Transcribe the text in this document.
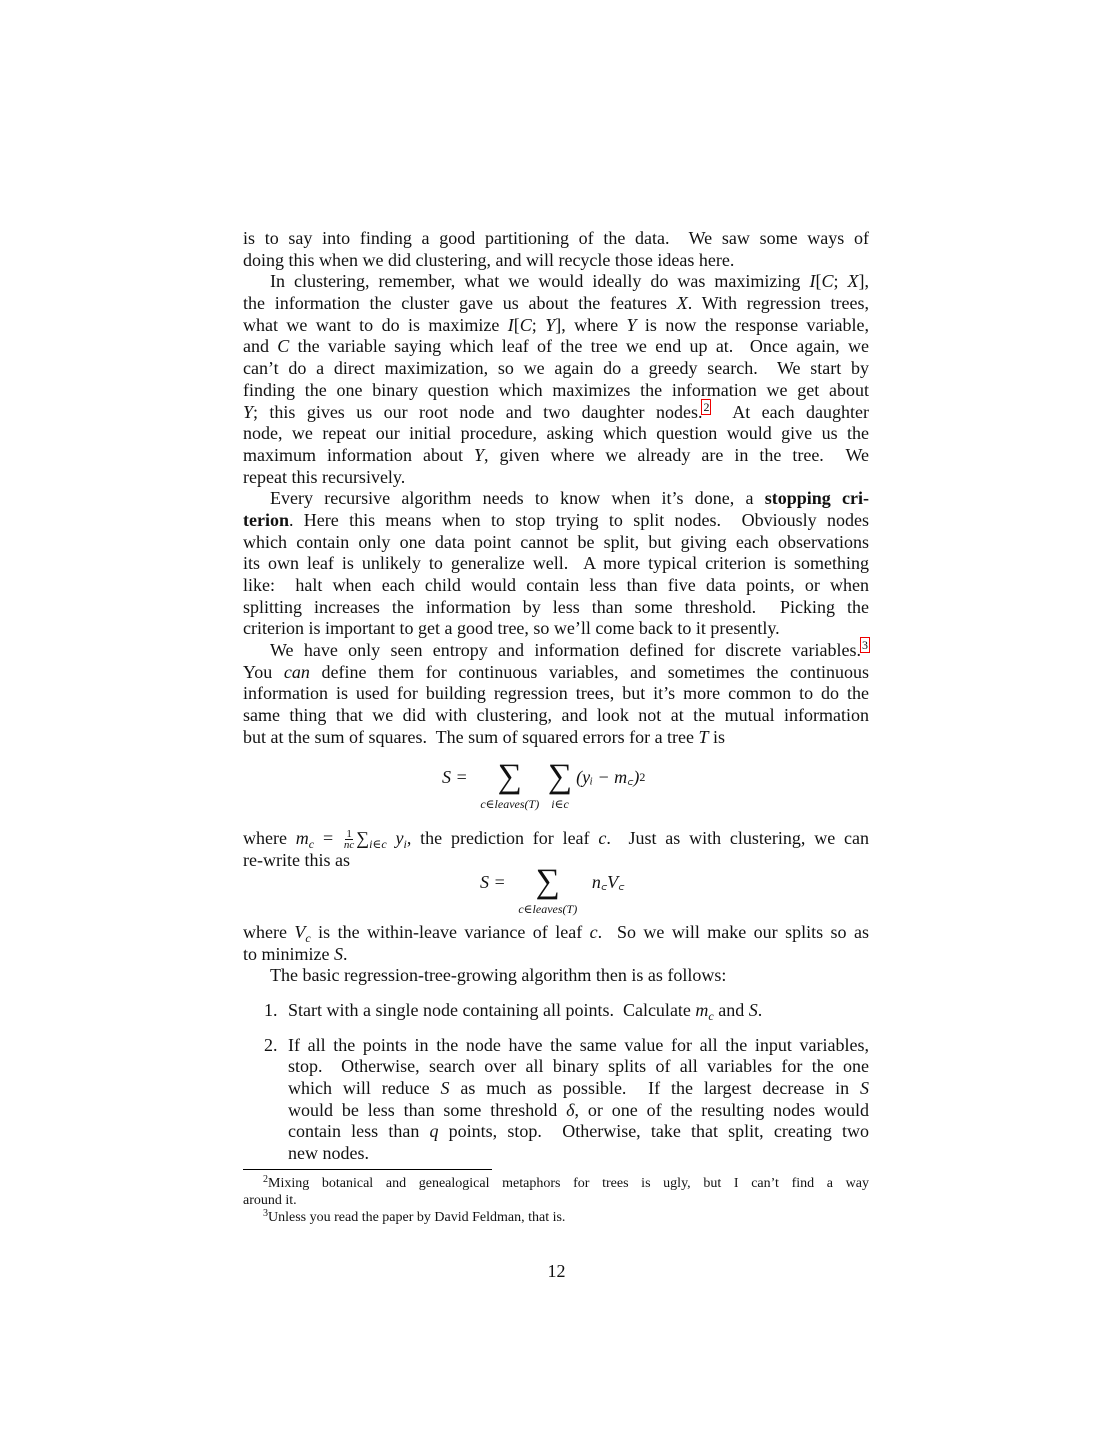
is to say into finding a good partitioning of the data.  We saw some ways of
doing this when we did clustering, and will recycle those ideas here.
In clustering, remember, what we would ideally do was maximizing I[C; X],
the information the cluster gave us about the features X. With regression trees,
what we want to do is maximize I[C; Y], where Y is now the response variable,
and C the variable saying which leaf of the tree we end up at.  Once again, we
can’t do a direct maximization, so we again do a greedy search.  We start by
finding the one binary question which maximizes the information we get about
Y; this gives us our root node and two daughter nodes.$^2$  At each daughter
node, we repeat our initial procedure, asking which question would give us the
maximum information about Y, given where we already are in the tree.  We
repeat this recursively.
Every recursive algorithm needs to know when it’s done, a stopping cri-
terion. Here this means when to stop trying to split nodes.  Obviously nodes
which contain only one data point cannot be split, but giving each observations
its own leaf is unlikely to generalize well.  A more typical criterion is something
like:  halt when each child would contain less than five data points, or when
splitting increases the information by less than some threshold.  Picking the
criterion is important to get a good tree, so we’ll come back to it presently.
We have only seen entropy and information defined for discrete variables.$^3$
You can define them for continuous variables, and sometimes the continuous
information is used for building regression trees, but it’s more common to do the
same thing that we did with clustering, and look not at the mutual information
but at the sum of squares.  The sum of squared errors for a tree T is
S = ∑
c∈leaves(T)
∑
i∈c
(yᵢ − m꜀) 2
where $m_c = \frac{1}{nc} \sum_{i\in c}$ $y_i$, the prediction for leaf c.  Just as with clustering, we can
re-write this as
S = ∑
c∈leaves(T)
n꜀V꜀
where $V_c$ is the within-leave variance of leaf c.  So we will make our splits so as
to minimize S.
The basic regression-tree-growing algorithm then is as follows:
1. Start with a single node containing all points.  Calculate $m_c$ and S.
2. If all the points in the node have the same value for all the input variables,
stop.  Otherwise, search over all binary splits of all variables for the one
which will reduce S as much as possible.  If the largest decrease in S
would be less than some threshold δ, or one of the resulting nodes would
contain less than q points, stop.  Otherwise, take that split, creating two
new nodes.
$^2$Mixing botanical and genealogical metaphors for trees is ugly, but I can’t find a way
around it.
$^3$Unless you read the paper by David Feldman, that is.
12
